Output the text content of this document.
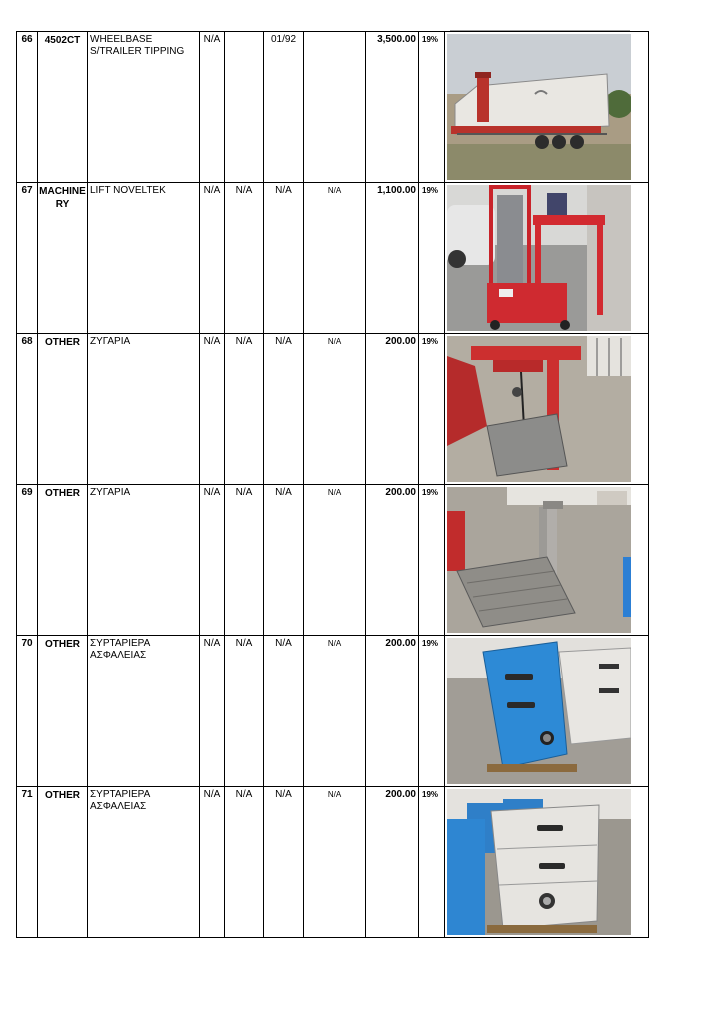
66	4502CT	WHEELBASE S/TRAILER TIPPING	N/A		01/92		3,500.00	19%	

67	MACHINE RY	LIFT NOVELTEK	N/A	N/A	N/A	N/A	1,100.00	19%	

68	OTHER	ΖΥΓΑΡΙΑ	N/A	N/A	N/A	N/A	200.00	19%	

69	OTHER	ΖΥΓΑΡΙΑ	N/A	N/A	N/A	N/A	200.00	19%	

70	OTHER	ΣΥΡΤΑΡΙΕΡΑ ΑΣΦΑΛΕΙΑΣ	N/A	N/A	N/A	N/A	200.00	19%	

71	OTHER	ΣΥΡΤΑΡΙΕΡΑ ΑΣΦΑΛΕΙΑΣ	N/A	N/A	N/A	N/A	200.00	19%	
